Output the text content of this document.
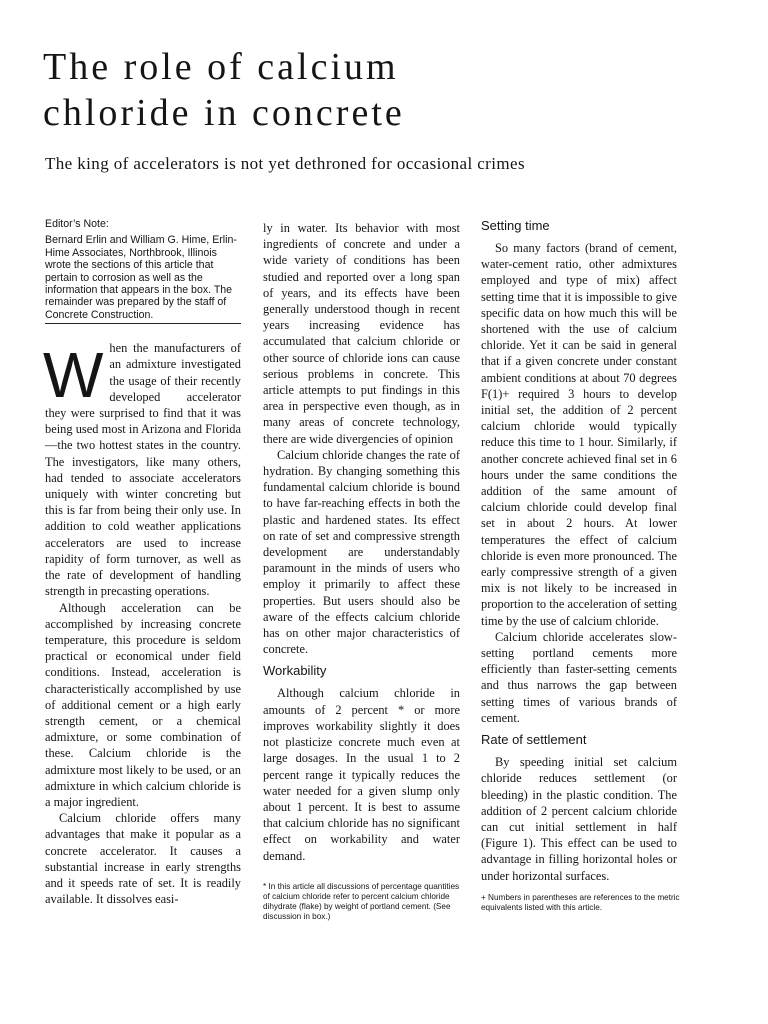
The role of calcium
chloride in concrete

The king of accelerators is not yet dethroned for occasional crimes

Editor’s Note:
Bernard Erlin and William G. Hime, Erlin-Hime Associates, Northbrook, Illinois wrote the sections of this article that pertain to corrosion as well as the information that appears in the box. The remainder was prepared by the staff of Concrete Construction.

When the manufacturers of an admixture investigated the usage of their recently developed accelerator they were surprised to find that it was being used most in Arizona and Florida—the two hottest states in the country. The investigators, like many others, had tended to associate accelerators uniquely with winter concreting but this is far from being their only use. In addition to cold weather applications accelerators are used to increase rapidity of form turnover, as well as the rate of development of handling strength in precasting operations.

Although acceleration can be accomplished by increasing concrete temperature, this procedure is seldom practical or economical under field conditions. Instead, acceleration is characteristically accomplished by use of additional cement or a high early strength cement, or a chemical admixture, or some combination of these. Calcium chloride is the admixture most likely to be used, or an admixture in which calcium chloride is a major ingredient.

Calcium chloride offers many advantages that make it popular as a concrete accelerator. It causes a substantial increase in early strengths and it speeds rate of set. It is readily available. It dissolves easi-

ly in water. Its behavior with most ingredients of concrete and under a wide variety of conditions has been studied and reported over a long span of years, and its effects have been generally understood though in recent years increasing evidence has accumulated that calcium chloride or other source of chloride ions can cause serious problems in concrete. This article attempts to put findings in this area in perspective even though, as in many areas of concrete technology, there are wide divergencies of opinion

Calcium chloride changes the rate of hydration. By changing something this fundamental calcium chloride is bound to have far-reaching effects in both the plastic and hardened states. Its effect on rate of set and compressive strength development are understandably paramount in the minds of users who employ it primarily to affect these properties. But users should also be aware of the effects calcium chloride has on other major characteristics of concrete.

Workability

Although calcium chloride in amounts of 2 percent * or more improves workability slightly it does not plasticize concrete much even at large dosages. In the usual 1 to 2 percent range it typically reduces the water needed for a given slump only about 1 percent. It is best to assume that calcium chloride has no significant effect on workability and water demand.

* In this article all discussions of percentage quantities of calcium chloride refer to percent calcium chloride dihydrate (flake) by weight of portland cement. (See discussion in box.)
Setting time

So many factors (brand of cement, water-cement ratio, other admixtures employed and type of mix) affect setting time that it is impossible to give specific data on how much this will be shortened with the use of calcium chloride. Yet it can be said in general that if a given concrete under constant ambient conditions at about 70 degrees F(1)+ required 3 hours to develop initial set, the addition of 2 percent calcium chloride would typically reduce this time to 1 hour. Similarly, if another concrete achieved final set in 6 hours under the same conditions the addition of the same amount of calcium chloride could develop final set in about 2 hours. At lower temperatures the effect of calcium chloride is even more pronounced. The early compressive strength of a given mix is not likely to be increased in proportion to the acceleration of setting time by the use of calcium chloride.

Calcium chloride accelerates slow-setting portland cements more efficiently than faster-setting cements and thus narrows the gap between setting times of various brands of cement.

Rate of settlement

By speeding initial set calcium chloride reduces settlement (or bleeding) in the plastic condition. The addition of 2 percent calcium chloride can cut initial settlement in half (Figure 1). This effect can be used to advantage in filling horizontal holes or under horizontal surfaces.

+ Numbers in parentheses are references to the metric equivalents listed with this article.
